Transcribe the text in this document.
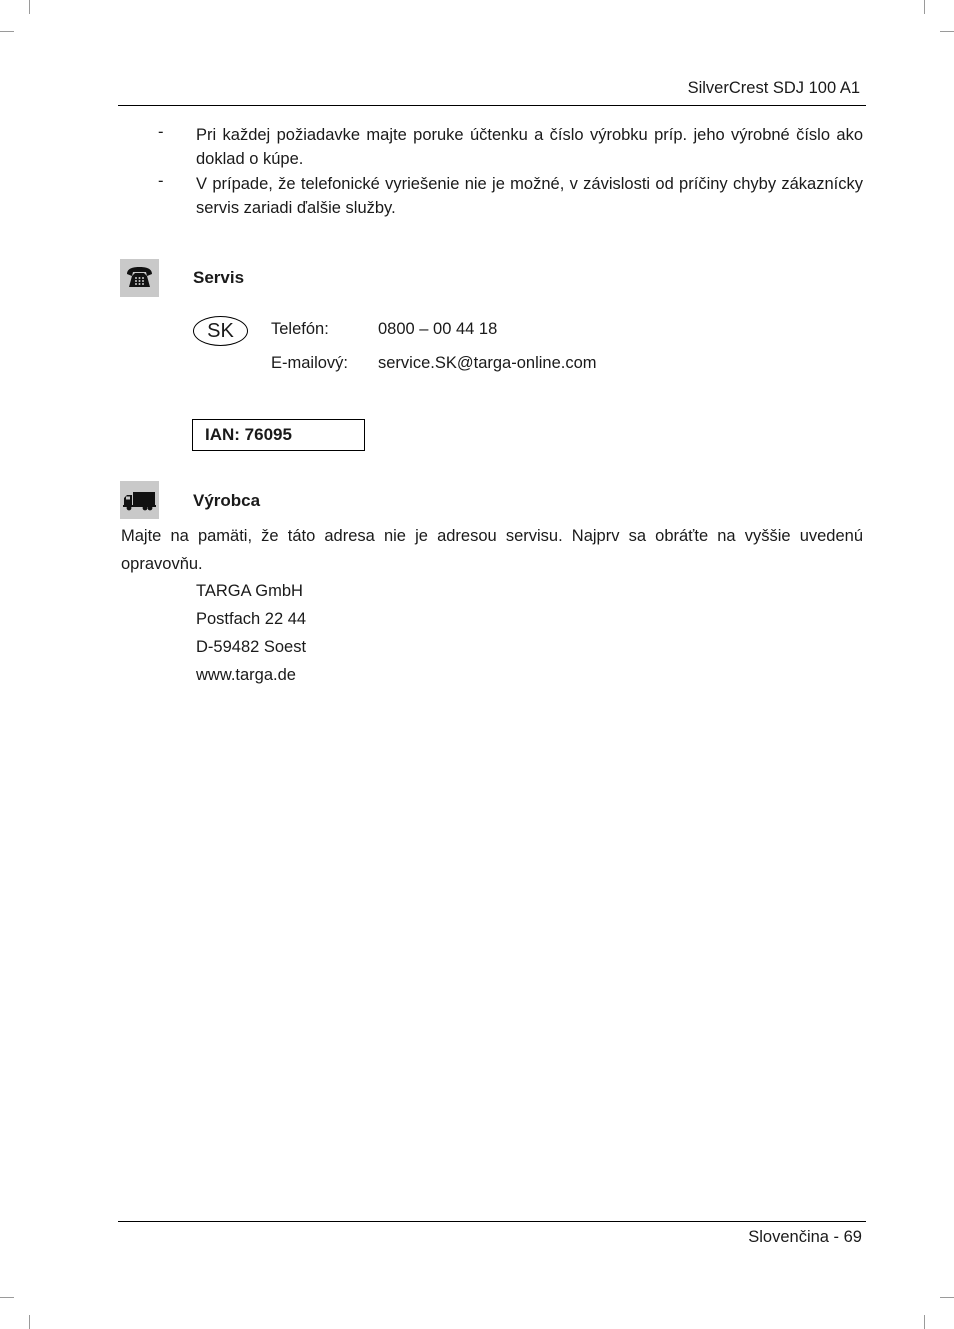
SilverCrest SDJ 100 A1
- Pri každej požiadavke majte poruke účtenku a číslo výrobku príp. jeho výrobné číslo ako
doklad o kúpe.
- V prípade, že telefonické vyriešenie nie je možné, v závislosti od príčiny chyby zákaznícky
servis zariadi ďalšie služby.
Servis
SK	Telefón:	0800 – 00 44 18
E-mailový: service.SK@targa-online.com
IAN: 76095
Výrobca
Majte na pamäti, že táto adresa nie je adresou servisu. Najprv sa obráťte na vyššie uvedenú
opravovňu.
TARGA GmbH
Postfach 22 44
D-59482 Soest
www.targa.de
Slovenčina - 69
